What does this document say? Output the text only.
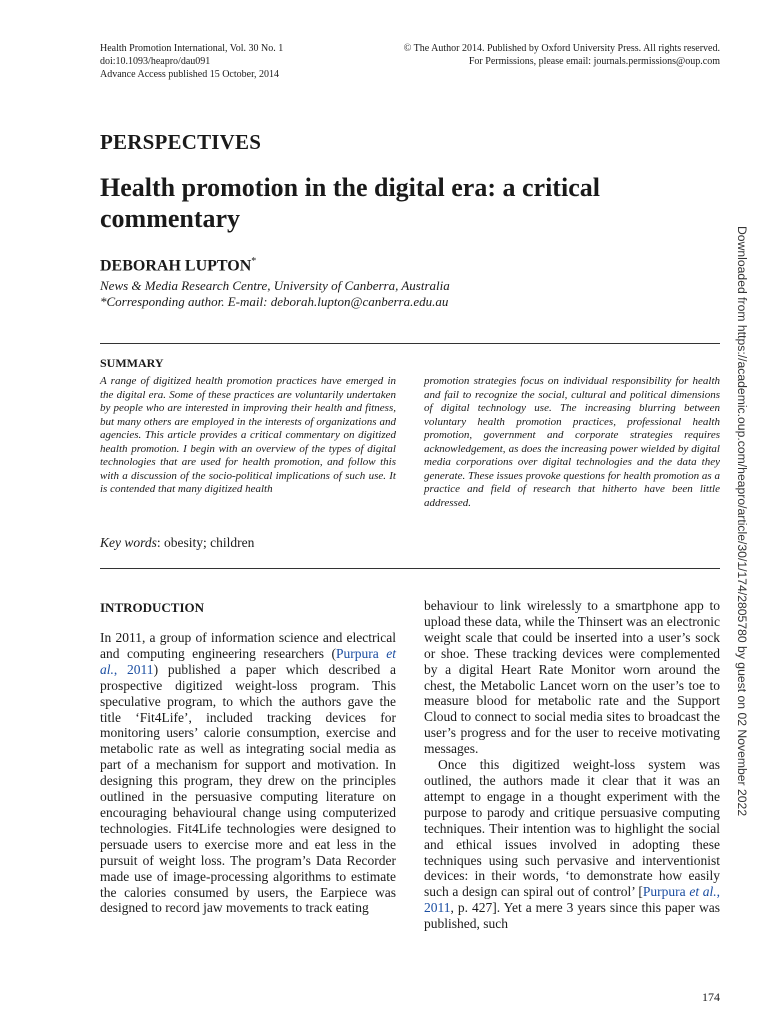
Health Promotion International, Vol. 30 No. 1
doi:10.1093/heapro/dau091
Advance Access published 15 October, 2014
© The Author 2014. Published by Oxford University Press. All rights reserved.
For Permissions, please email: journals.permissions@oup.com
PERSPECTIVES
Health promotion in the digital era: a critical commentary
DEBORAH LUPTON*
News & Media Research Centre, University of Canberra, Australia
*Corresponding author. E-mail: deborah.lupton@canberra.edu.au
SUMMARY
A range of digitized health promotion practices have emerged in the digital era. Some of these practices are voluntarily undertaken by people who are interested in improving their health and fitness, but many others are employed in the interests of organizations and agencies. This article provides a critical commentary on digitized health promotion. I begin with an overview of the types of digital technologies that are used for health promotion, and follow this with a discussion of the socio-political implications of such use. It is contended that many digitized health
promotion strategies focus on individual responsibility for health and fail to recognize the social, cultural and political dimensions of digital technology use. The increasing blurring between voluntary health promotion practices, professional health promotion, government and corporate strategies requires acknowledgement, as does the increasing power wielded by digital media corporations over digital technologies and the data they generate. These issues provoke questions for health promotion as a practice and field of research that hitherto have been little addressed.
Key words: obesity; children
INTRODUCTION
In 2011, a group of information science and electrical and computing engineering researchers (Purpura et al., 2011) published a paper which described a prospective digitized weight-loss program. This speculative program, to which the authors gave the title ‘Fit4Life’, included tracking devices for monitoring users’ calorie consumption, exercise and metabolic rate as well as integrating social media as part of a mechanism for support and motivation. In designing this program, they drew on the principles outlined in the persuasive computing literature on encouraging behavioural change using computerized technologies. Fit4Life technologies were designed to persuade users to exercise more and eat less in the pursuit of weight loss. The program’s Data Recorder made use of image-processing algorithms to estimate the calories consumed by users, the Earpiece was designed to record jaw movements to track eating
behaviour to link wirelessly to a smartphone app to upload these data, while the Thinsert was an electronic weight scale that could be inserted into a user’s sock or shoe. These tracking devices were complemented by a digital Heart Rate Monitor worn around the chest, the Metabolic Lancet worn on the user’s toe to measure blood for metabolic rate and the Support Cloud to connect to social media sites to broadcast the user’s progress and for the user to receive motivating messages.
Once this digitized weight-loss system was outlined, the authors made it clear that it was an attempt to engage in a thought experiment with the purpose to parody and critique persuasive computing techniques. Their intention was to highlight the social and ethical issues involved in adopting these techniques using such pervasive and interventionist devices: in their words, ‘to demonstrate how easily such a design can spiral out of control’ [Purpura et al., 2011, p. 427]. Yet a mere 3 years since this paper was published, such
174
Downloaded from https://academic.oup.com/heapro/article/30/1/174/2805780 by guest on 02 November 2022
